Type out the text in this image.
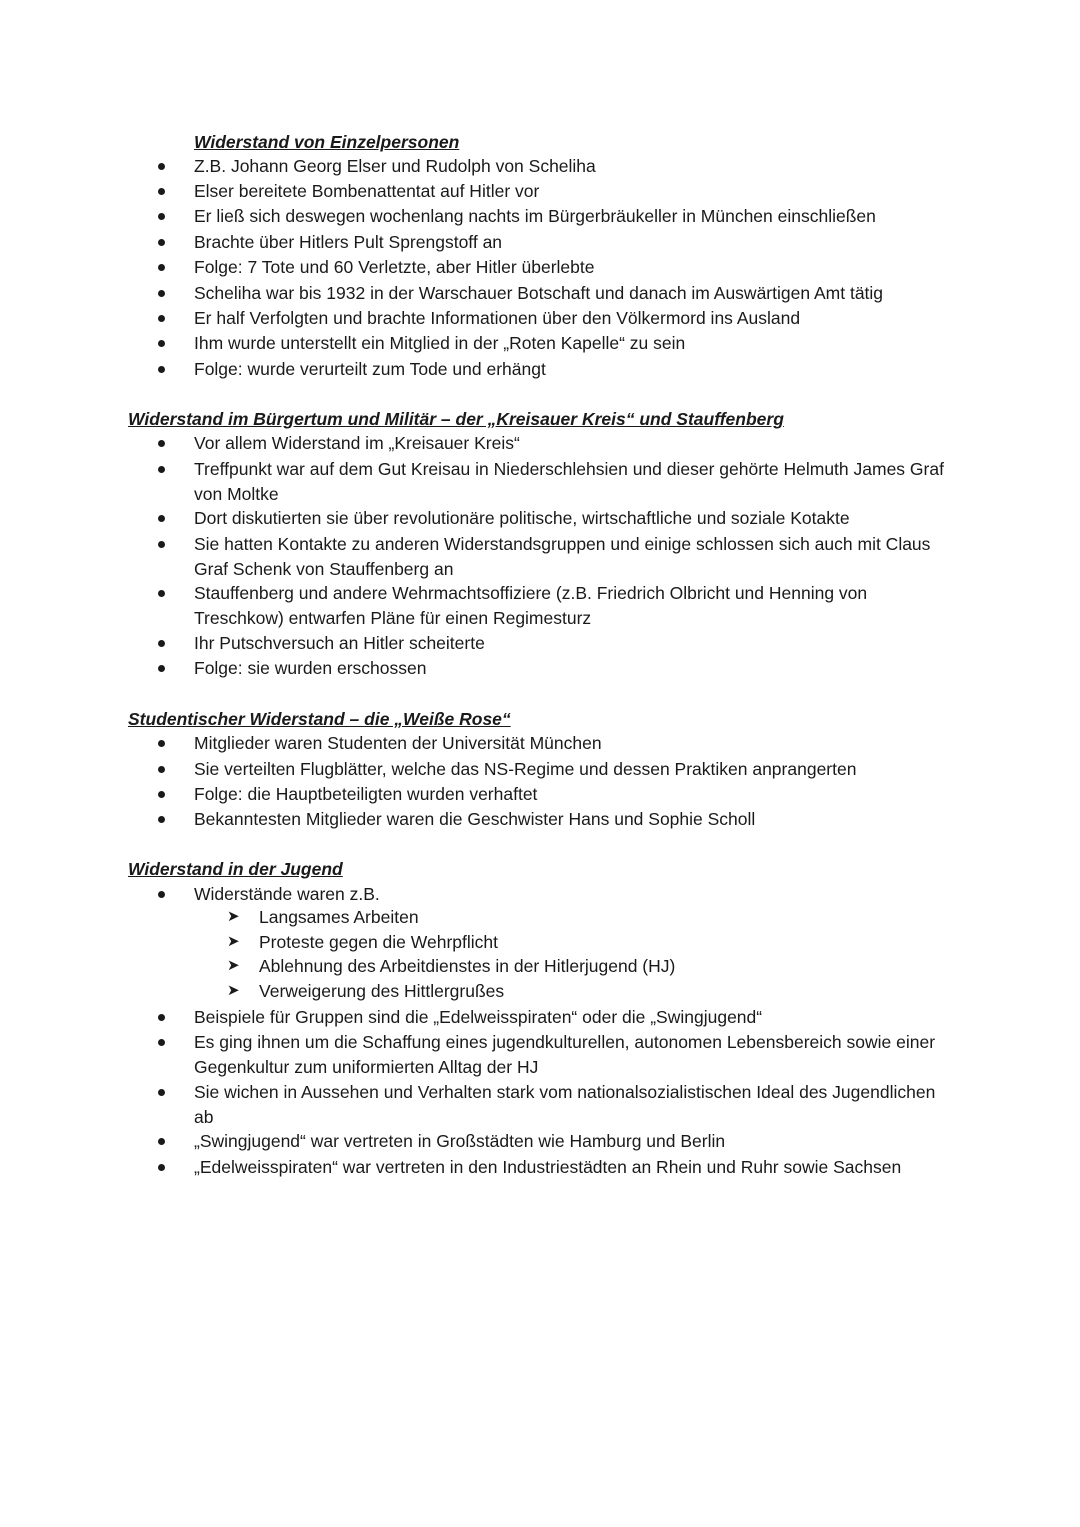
Widerstand von Einzelpersonen
Z.B. Johann Georg Elser und Rudolph von Scheliha
Elser bereitete Bombenattentat auf Hitler vor
Er ließ sich deswegen wochenlang nachts im Bürgerbräukeller in München einschließen
Brachte über Hitlers Pult Sprengstoff an
Folge: 7 Tote und 60 Verletzte, aber Hitler überlebte
Scheliha war bis 1932 in der Warschauer Botschaft und danach im Auswärtigen Amt tätig
Er half Verfolgten und brachte Informationen über den Völkermord ins Ausland
Ihm wurde unterstellt ein Mitglied in der „Roten Kapelle“ zu sein
Folge: wurde verurteilt zum Tode und erhängt
Widerstand im Bürgertum und Militär – der „Kreisauer Kreis“ und Stauffenberg
Vor allem Widerstand im „Kreisauer Kreis“
Treffpunkt war auf dem Gut Kreisau in Niederschlehsien und dieser gehörte Helmuth James Graf von Moltke
Dort diskutierten sie über revolutionäre politische, wirtschaftliche und soziale Kotakte
Sie hatten Kontakte zu anderen Widerstandsgruppen und einige schlossen sich auch mit Claus Graf Schenk von Stauffenberg an
Stauffenberg und andere Wehrmachtsoffiziere (z.B. Friedrich Olbricht und Henning von Treschkow) entwarfen Pläne für einen Regimesturz
Ihr Putschversuch an Hitler scheiterte
Folge: sie wurden erschossen
Studentischer Widerstand – die „Weiße Rose“
Mitglieder waren Studenten der Universität München
Sie verteilten Flugblätter, welche das NS-Regime und dessen Praktiken anprangerten
Folge: die Hauptbeteiligten wurden verhaftet
Bekanntesten Mitglieder waren die Geschwister Hans und Sophie Scholl
Widerstand in der Jugend
Widerstände waren z.B.
➤ Langsames Arbeiten
➤ Proteste gegen die Wehrpflicht
➤ Ablehnung des Arbeitdienstes in der Hitlerjugend (HJ)
➤ Verweigerung des Hittlergrußes
Beispiele für Gruppen sind die „Edelweisspiraten“ oder die „Swingjugend“
Es ging ihnen um die Schaffung eines jugendkulturellen, autonomen Lebensbereich sowie einer Gegenkultur zum uniformierten Alltag der HJ
Sie wichen in Aussehen und Verhalten stark vom nationalsozialistischen Ideal des Jugendlichen ab
„Swingjugend“ war vertreten in Großstädten wie Hamburg und Berlin
„Edelweisspiraten“ war vertreten in den Industriestädten an Rhein und Ruhr sowie Sachsen
